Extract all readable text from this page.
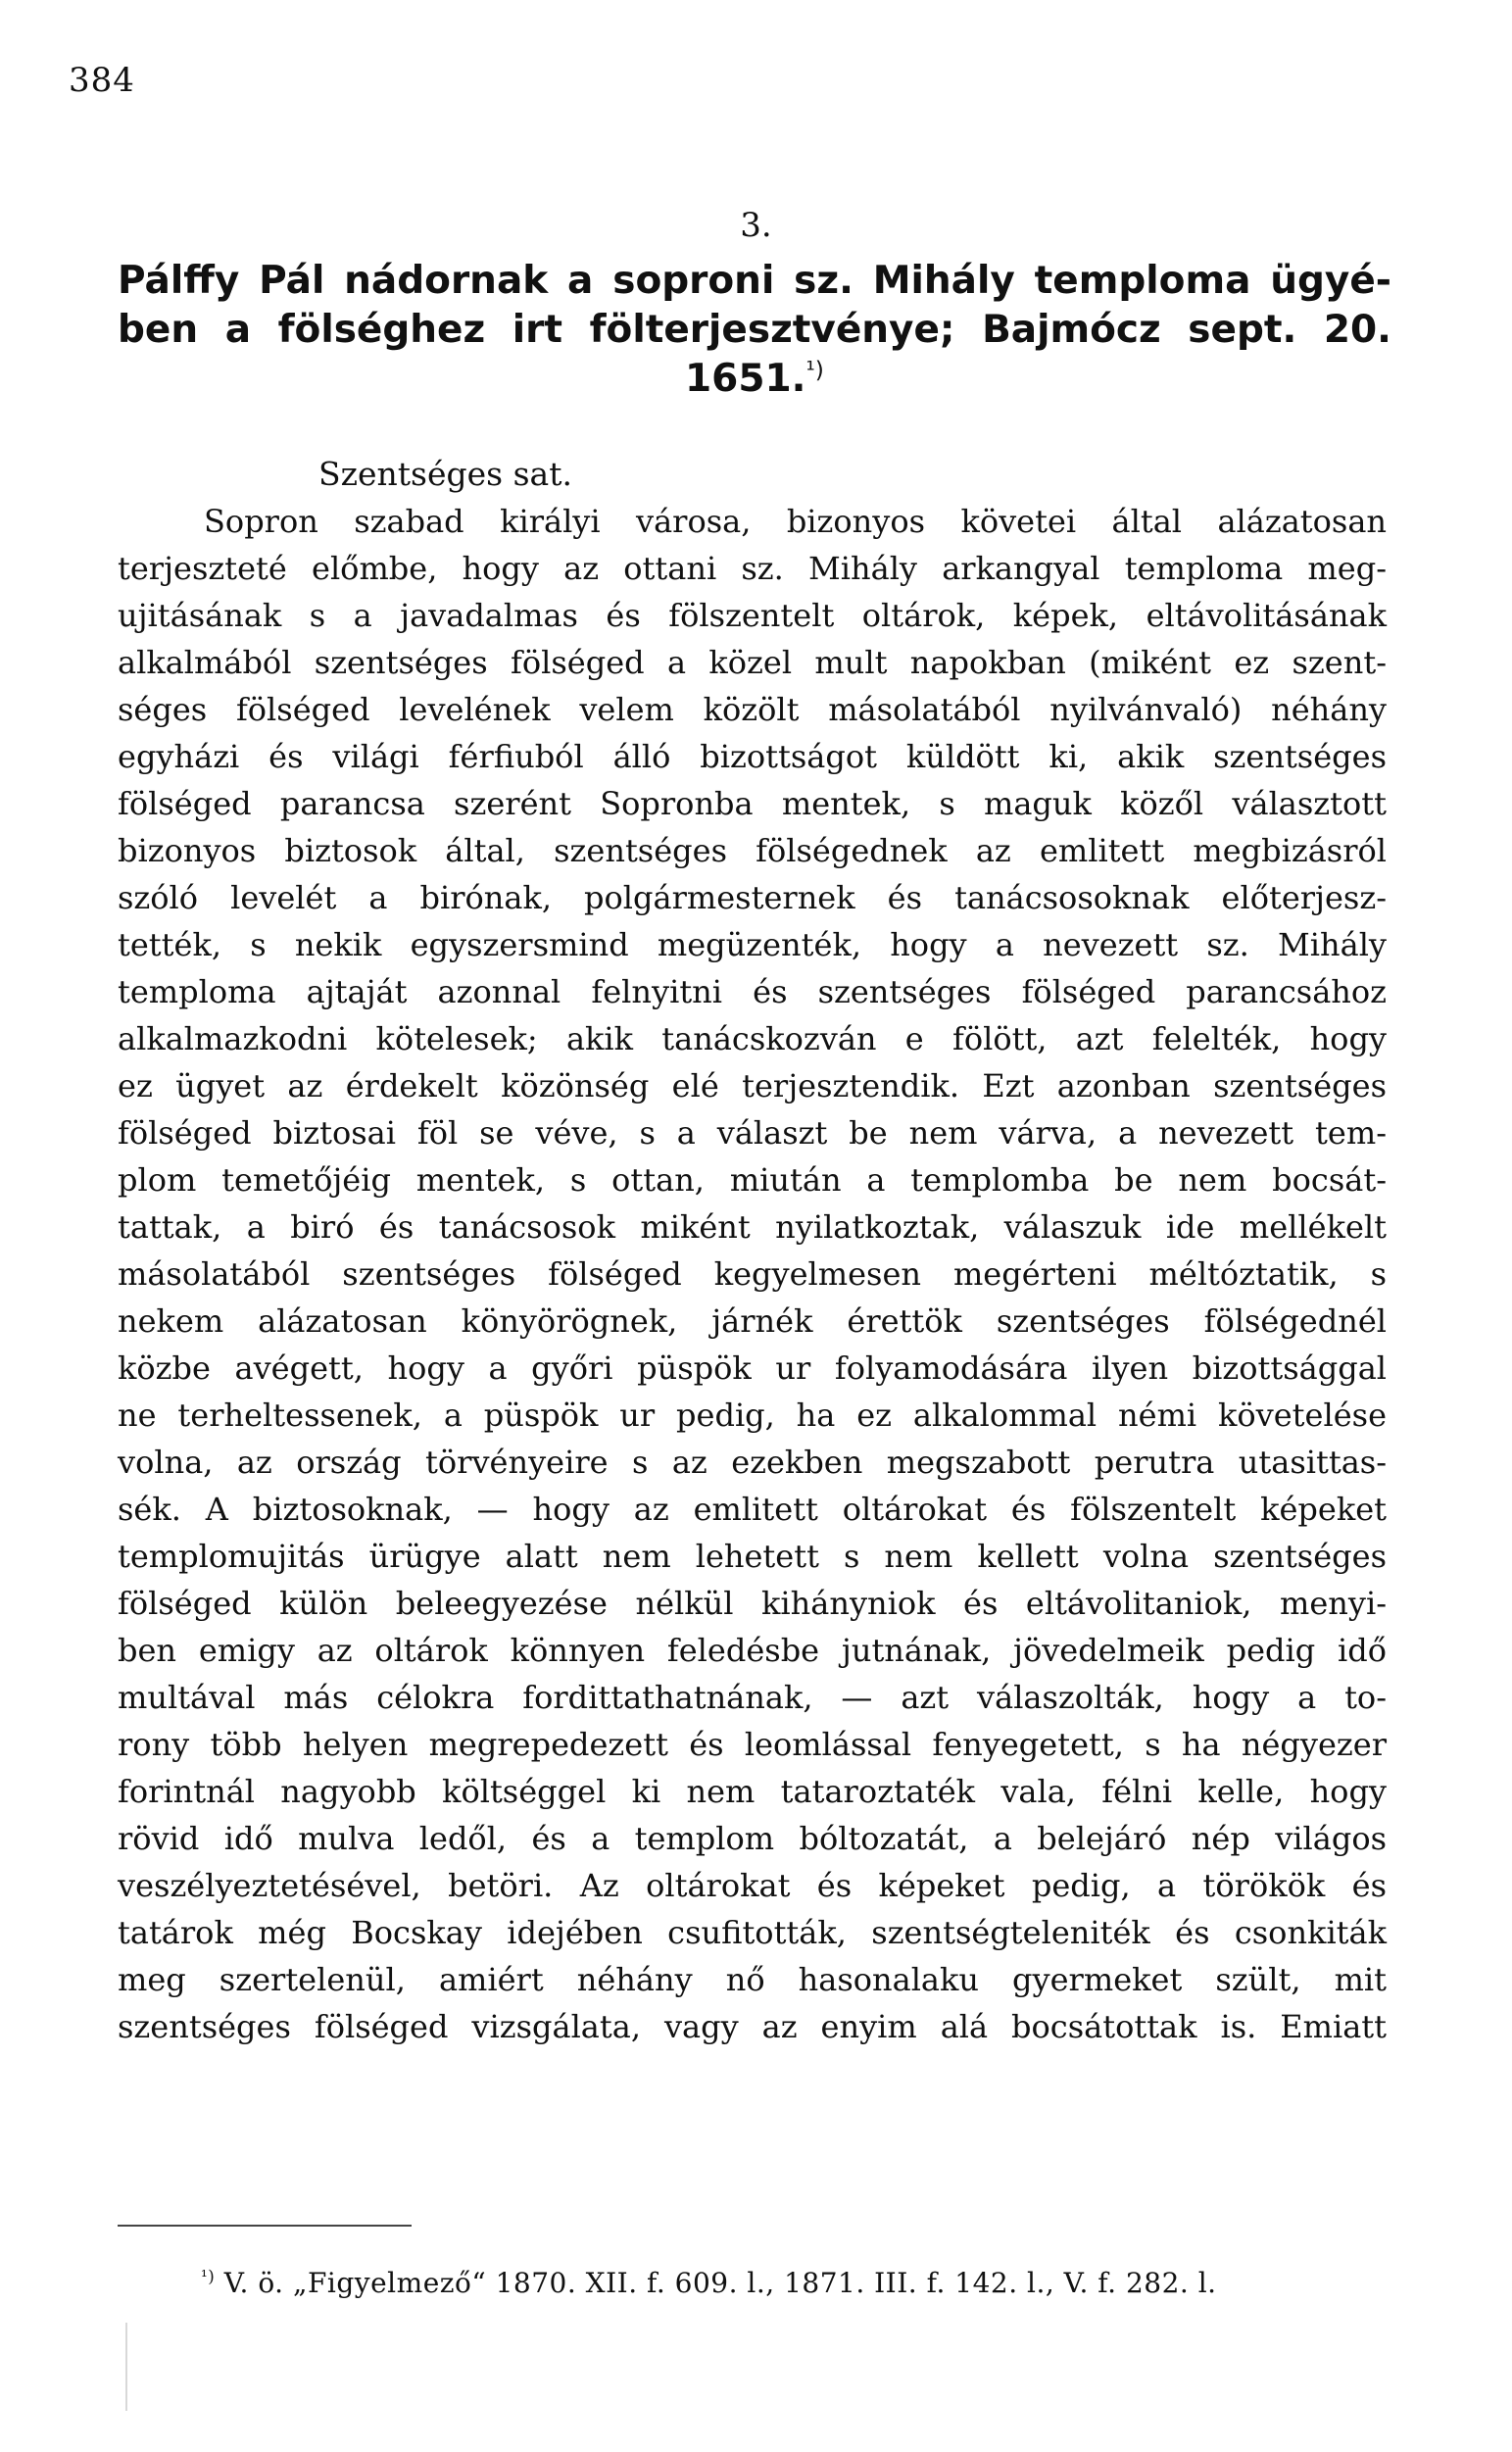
384
3.
Pálffy Pál nádornak a soproni sz. Mihály temploma ügyé-
ben a fölséghez irt fölterjesztvénye; Bajmócz sept. 20.
1651.$^{^1)}$
Szentséges sat.
Sopron szabad királyi városa, bizonyos követei által alázatosan
terjeszteté előmbe, hogy az ottani sz. Mihály arkangyal temploma meg-
ujitásának s a javadalmas és fölszentelt oltárok, képek, eltávolitásának
alkalmából szentséges fölséged a közel mult napokban (miként ez szent-
séges fölséged levelének velem közölt másolatából nyilvánvaló) néhány
egyházi és világi férfiuból álló bizottságot küldött ki, akik szentséges
fölséged parancsa szerént Sopronba mentek, s maguk közől választott
bizonyos biztosok által, szentséges fölségednek az emlitett megbizásról
szóló levelét a birónak, polgármesternek és tanácsosoknak előterjesz-
tették, s nekik egyszersmind megüzenték, hogy a nevezett sz. Mihály
temploma ajtaját azonnal felnyitni és szentséges fölséged parancsához
alkalmazkodni kötelesek; akik tanácskozván e fölött, azt felelték, hogy
ez ügyet az érdekelt közönség elé terjesztendik. Ezt azonban szentséges
fölséged biztosai föl se véve, s a választ be nem várva, a nevezett tem-
plom temetőjéig mentek, s ottan, miután a templomba be nem bocsát-
tattak, a biró és tanácsosok miként nyilatkoztak, válaszuk ide mellékelt
másolatából szentséges fölséged kegyelmesen megérteni méltóztatik, s
nekem alázatosan könyörögnek, járnék érettök szentséges fölségednél
közbe avégett, hogy a győri püspök ur folyamodására ilyen bizottsággal
ne terheltessenek, a püspök ur pedig, ha ez alkalommal némi követelése
volna, az ország törvényeire s az ezekben megszabott perutra utasittas-
sék. A biztosoknak, — hogy az emlitett oltárokat és fölszentelt képeket
templomujitás ürügye alatt nem lehetett s nem kellett volna szentséges
fölséged külön beleegyezése nélkül kihányniok és eltávolitaniok, menyi-
ben emigy az oltárok könnyen feledésbe jutnának, jövedelmeik pedig idő
multával más célokra fordittathatnának, — azt válaszolták, hogy a to-
rony több helyen megrepedezett és leomlással fenyegetett, s ha négyezer
forintnál nagyobb költséggel ki nem tataroztaték vala, félni kelle, hogy
rövid idő mulva ledől, és a templom bóltozatát, a belejáró nép világos
veszélyeztetésével, betöri. Az oltárokat és képeket pedig, a törökök és
tatárok még Bocskay idejében csufitották, szentségteleniték és csonkiták
meg szertelenül, amiért néhány nő hasonalaku gyermeket szült, mit
szentséges fölséged vizsgálata, vagy az enyim alá bocsátottak is. Emiatt
$^{^1)}$ V. ö. „Figyelmező“ 1870. XII. f. 609. l., 1871. III. f. 142. l., V. f. 282. l.
